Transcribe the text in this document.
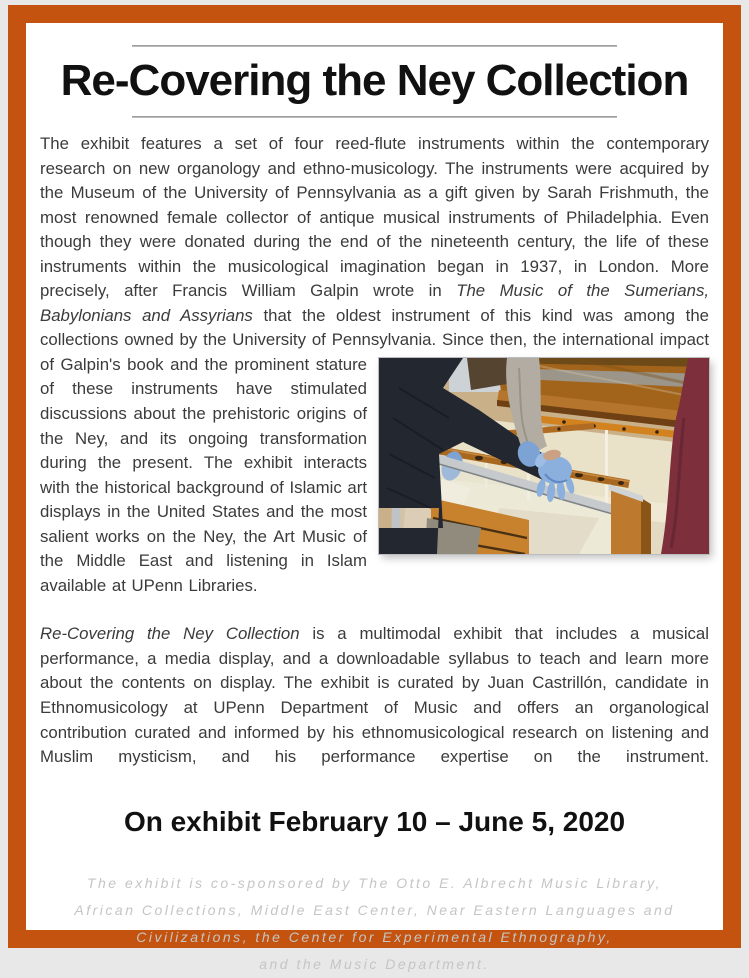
Re-Covering the Ney Collection

The exhibit features a set of four reed-flute instruments within the contemporary research on new organology and ethno-musicology. The instruments were acquired by the Museum of the University of Pennsylvania as a gift given by Sarah Frishmuth, the most renowned female collector of antique musical instruments of Philadelphia. Even though they were donated during the end of the nineteenth century, the life of these instruments within the musicological imagination began in 1937, in London. More precisely, after Francis William Galpin wrote in The Music of the Sumerians, Babylonians and Assyrians that the oldest instrument of this kind was among the collections owned by the University of Pennsylvania. Since then, the international
impact of Galpin's book and the prominent stature of these instruments have stimulated discussions about the prehistoric origins of the Ney, and its ongoing transformation during the present. The exhibit interacts with the historical background of Islamic art displays in the United States and the most salient works on the Ney, the Art Music of the Middle East and listening in Islam available at UPenn Libraries.

Re-Covering the Ney Collection is a multimodal exhibit that includes a musical performance, a media display, and a downloadable syllabus to teach and learn more about the contents on display. The exhibit is curated by Juan Castrillón, candidate in Ethnomusicology at UPenn Department of Music and offers an organological contribution curated and informed by his ethnomusicological research on listening and Muslim mysticism, and his performance expertise on the instrument.

On exhibit February 10 – June 5, 2020
The exhibit is co-sponsored by The Otto E. Albrecht Music Library,
African Collections, Middle East Center, Near Eastern Languages and
Civilizations, the Center for Experimental Ethnography,
and the Music Department.
